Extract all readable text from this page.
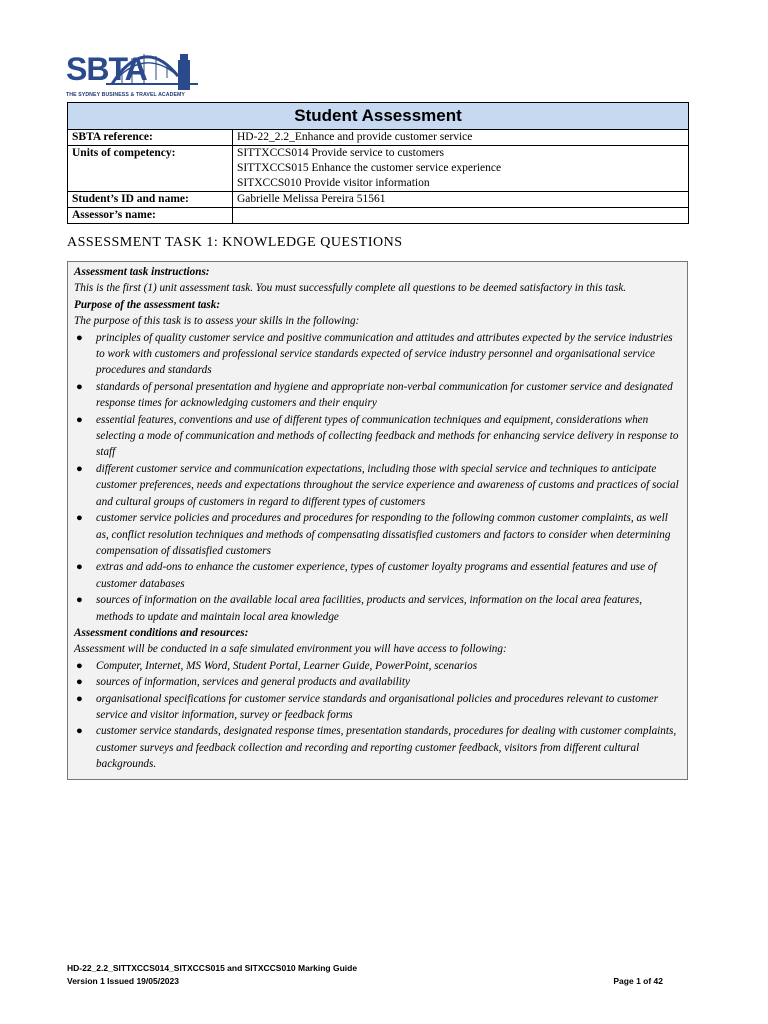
SBTA
THE SYDNEY BUSINESS & TRAVEL ACADEMY
Student Assessment	
SBTA reference:	HD-22_2.2_Enhance and provide customer service

Units of competency:	SITTXCCS014 Provide service to customers
SITTXCCS015 Enhance the customer service experience
SITXCCS010 Provide visitor information

Student’s ID and name:	Gabrielle Melissa Pereira 51561

Assessor’s name:	
ASSESSMENT TASK 1: KNOWLEDGE QUESTIONS
Assessment task instructions:
This is the first (1) unit assessment task. You must successfully complete all questions to be deemed satisfactory in this task.
Purpose of the assessment task:
The purpose of this task is to assess your skills in the following:
● principles of quality customer service and positive communication and attitudes and attributes expected by the service industries to work with customers and professional service standards expected of service industry personnel and organisational service procedures and standards
● standards of personal presentation and hygiene and appropriate non-verbal communication for customer service and designated response times for acknowledging customers and their enquiry
● essential features, conventions and use of different types of communication techniques and equipment, considerations when selecting a mode of communication and methods of collecting feedback and methods for enhancing service delivery in response to staff
● different customer service and communication expectations, including those with special service and techniques to anticipate customer preferences, needs and expectations throughout the service experience and awareness of customs and practices of social and cultural groups of customers in regard to different types of customers
● customer service policies and procedures and procedures for responding to the following common customer complaints, as well as, conflict resolution techniques and methods of compensating dissatisfied customers and factors to consider when determining compensation of dissatisfied customers
● extras and add-ons to enhance the customer experience, types of customer loyalty programs and essential features and use of customer databases
● sources of information on the available local area facilities, products and services, information on the local area features, methods to update and maintain local area knowledge
Assessment conditions and resources:
Assessment will be conducted in a safe simulated environment you will have access to following:
● Computer, Internet, MS Word, Student Portal, Learner Guide, PowerPoint, scenarios
● sources of information, services and general products and availability
● organisational specifications for customer service standards and organisational policies and procedures relevant to customer service and visitor information, survey or feedback forms
● customer service standards, designated response times, presentation standards, procedures for dealing with customer complaints, customer surveys and feedback collection and recording and reporting customer feedback, visitors from different cultural backgrounds.
HD-22_2.2_SITTXCCS014_SITXCCS015 and SITXCCS010 Marking Guide
Version 1 Issued 19/05/2023	Page 1 of 42
